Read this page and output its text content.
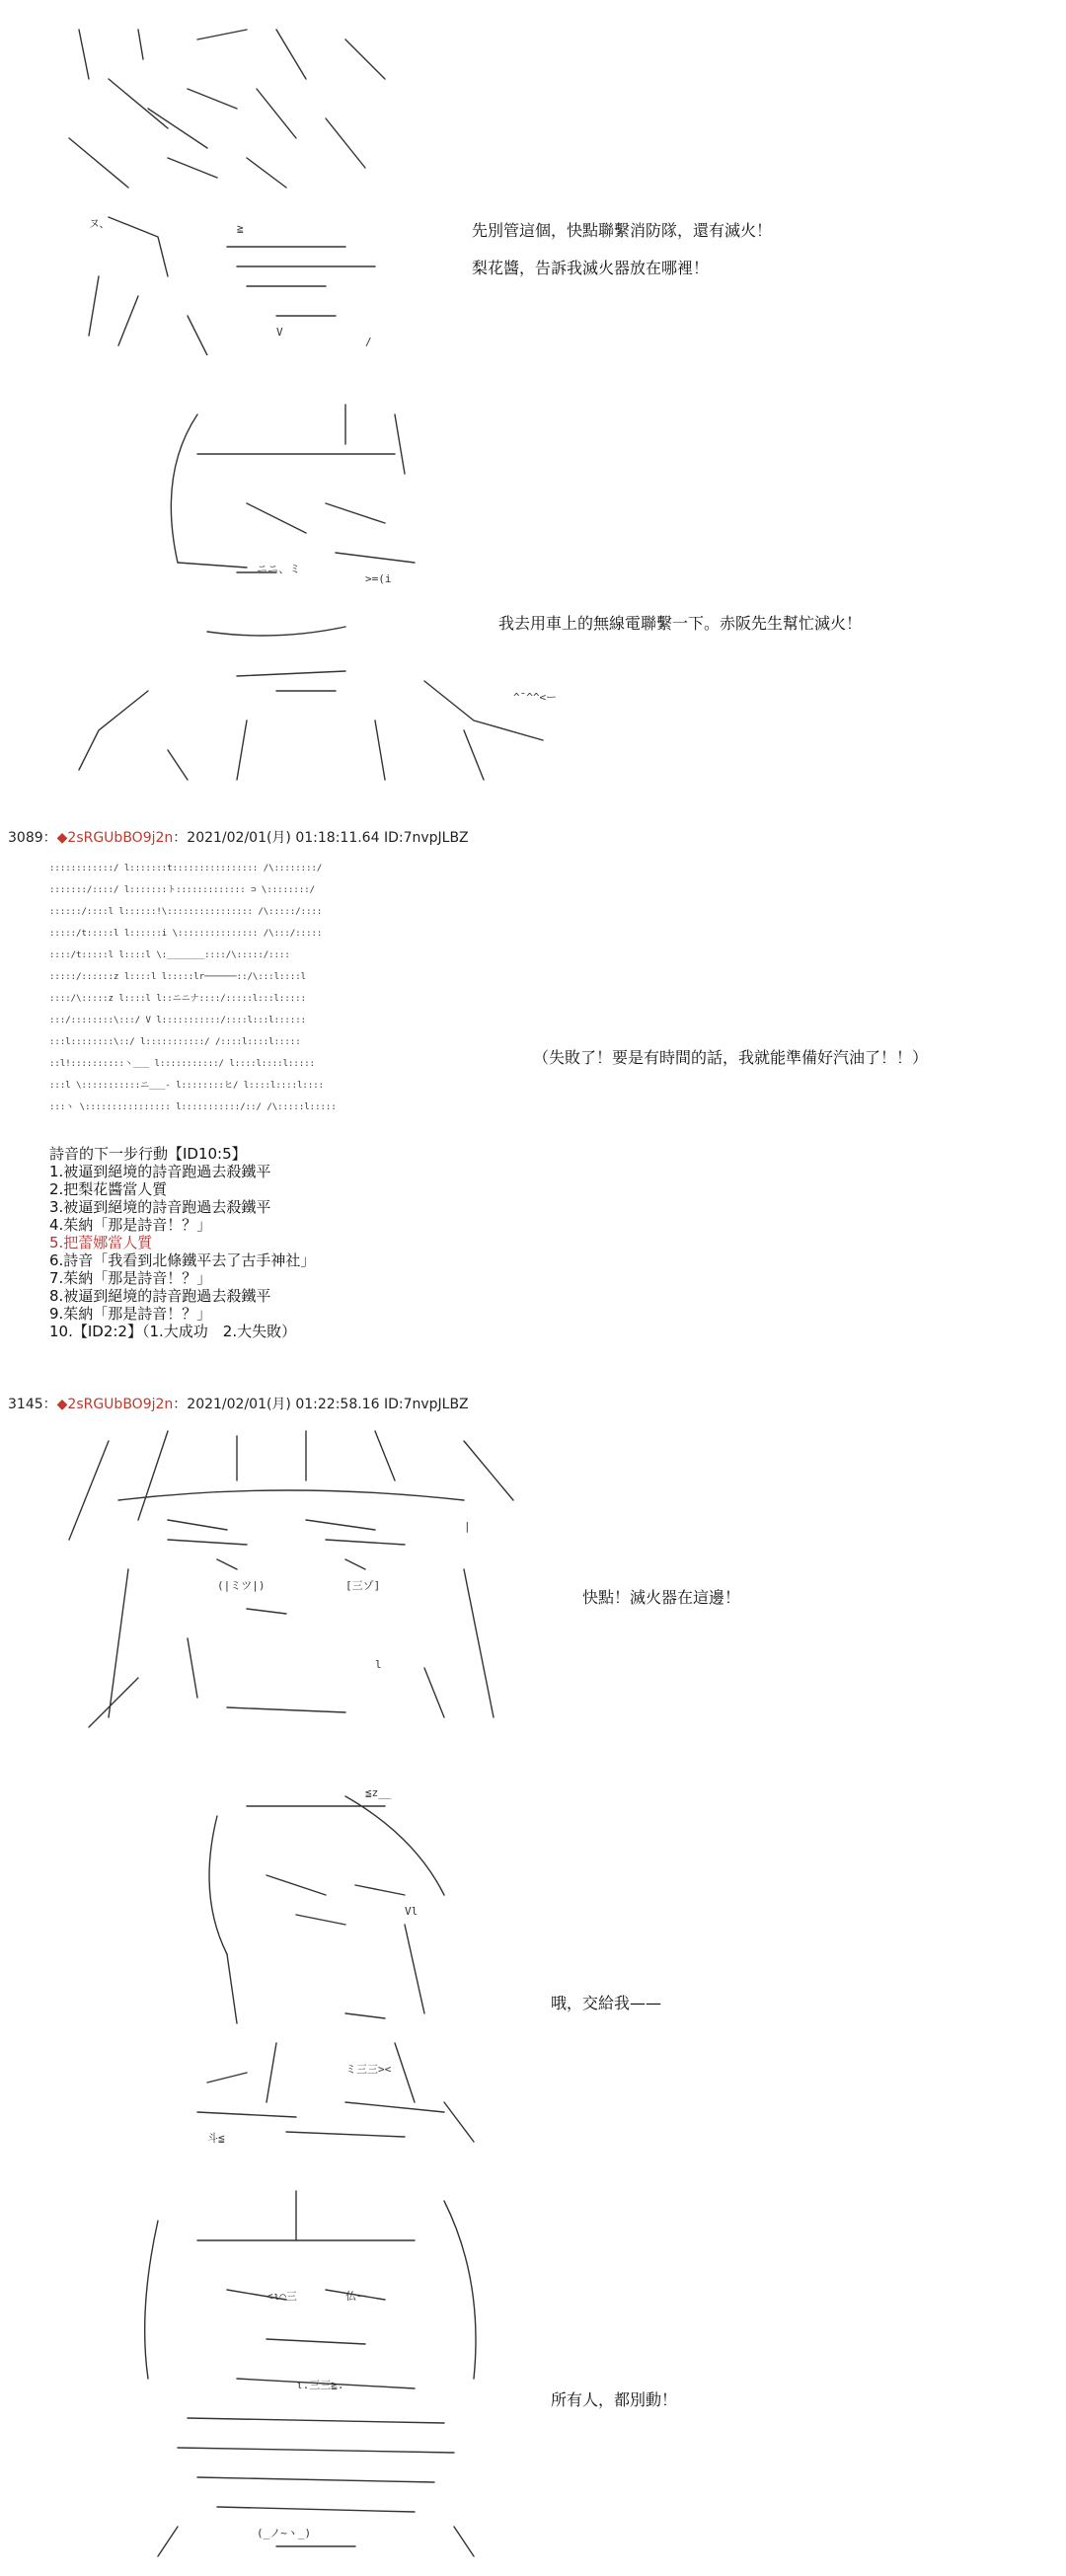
ヌ、	≧
V
/
先別管這個，快點聯繫消防隊，還有滅火！
梨花醬，告訴我滅火器放在哪裡！
ニニ、ミ
>=(i
^ˉ^^<ー
我去用車上的無線電聯繫一下。赤阪先生幫忙滅火！
3089：◆2sRGUbBO9j2n：2021/02/01(月) 01:18:11.64 ID:7nvpJLBZ
::::::::::::/ l:::::::t:::::::::::::::: /\::::::::/
:::::::/::::/ l:::::::ト::::::::::::: ⊃ \::::::::/
::::::/::::l l::::::!\:::::::::::::::: /\:::::/::::
:::::/t:::::l l::::::i \::::::::::::::: /\:::/:::::
::::/t:::::l l::::l \:_______::::/\:::::/::::
:::::/::::::z l::::l l:::::lr──────::/\:::l::::l
::::/\:::::z l::::l l::ニニナ::::/:::::l:::l:::::
:::/::::::::\:::/ V l:::::::::::/::::l:::l::::::
:::l::::::::\::/ l:::::::::::/ /::::l::::l:::::
::l!::::::::::ヽ___ l:::::::::::/ l::::l::::l:::::
:::l \:::::::::::ニ___- l::::::::ヒ/ l::::l::::l::::
:::ヽ \:::::::::::::::: l:::::::::::/::/ /\:::::l:::::
（失敗了！要是有時間的話，我就能準備好汽油了！！）
詩音的下一步行動【ID10:5】
1.被逼到絕境的詩音跑過去殺鐵平
2.把梨花醬當人質
3.被逼到絕境的詩音跑過去殺鐵平
4.茱納「那是詩音！？」
5.把蕾娜當人質
6.詩音「我看到北條鐵平去了古手神社」
7.茱納「那是詩音！？」
8.被逼到絕境的詩音跑過去殺鐵平
9.茱納「那是詩音！？」
10.【ID2:2】（1.大成功　2.大失敗）
3145：◆2sRGUbBO9j2n：2021/02/01(月) 01:22:58.16 ID:7nvpJLBZ
(|ミツ|)	[三ゾ]
|
l
快點！滅火器在這邊！
≦z__
Vl
ミ三三><
斗≦
哦，交給我——
<ι⌒三	仏ー
ι.三三≧.
(_ノ~ヽ_)
所有人，都別動！
